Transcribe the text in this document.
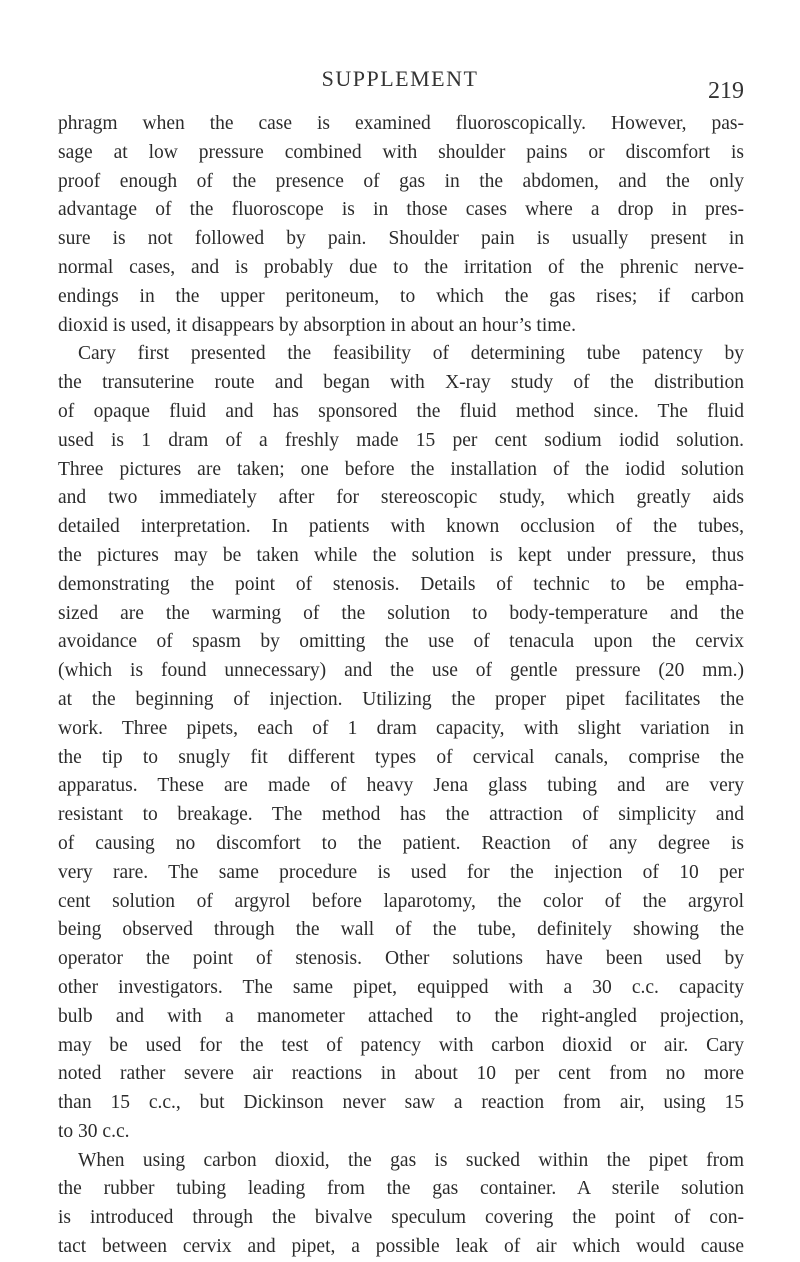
SUPPLEMENT	219
phragm when the case is examined fluoroscopically. However, pas-
sage at low pressure combined with shoulder pains or discomfort is
proof enough of the presence of gas in the abdomen, and the only
advantage of the fluoroscope is in those cases where a drop in pres-
sure is not followed by pain. Shoulder pain is usually present in
normal cases, and is probably due to the irritation of the phrenic nerve-
endings in the upper peritoneum, to which the gas rises; if carbon
dioxid is used, it disappears by absorption in about an hour’s time.
Cary first presented the feasibility of determining tube patency by
the transuterine route and began with X-ray study of the distribution
of opaque fluid and has sponsored the fluid method since. The fluid
used is 1 dram of a freshly made 15 per cent sodium iodid solution.
Three pictures are taken; one before the installation of the iodid solution
and two immediately after for stereoscopic study, which greatly aids
detailed interpretation. In patients with known occlusion of the tubes,
the pictures may be taken while the solution is kept under pressure, thus
demonstrating the point of stenosis. Details of technic to be empha-
sized are the warming of the solution to body-temperature and the
avoidance of spasm by omitting the use of tenacula upon the cervix
(which is found unnecessary) and the use of gentle pressure (20 mm.)
at the beginning of injection. Utilizing the proper pipet facilitates the
work. Three pipets, each of 1 dram capacity, with slight variation in
the tip to snugly fit different types of cervical canals, comprise the
apparatus. These are made of heavy Jena glass tubing and are very
resistant to breakage. The method has the attraction of simplicity and
of causing no discomfort to the patient. Reaction of any degree is
very rare. The same procedure is used for the injection of 10 per
cent solution of argyrol before laparotomy, the color of the argyrol
being observed through the wall of the tube, definitely showing the
operator the point of stenosis. Other solutions have been used by
other investigators. The same pipet, equipped with a 30 c.c. capacity
bulb and with a manometer attached to the right-angled projection,
may be used for the test of patency with carbon dioxid or air. Cary
noted rather severe air reactions in about 10 per cent from no more
than 15 c.c., but Dickinson never saw a reaction from air, using 15
to 30 c.c.
When using carbon dioxid, the gas is sucked within the pipet from
the rubber tubing leading from the gas container. A sterile solution
is introduced through the bivalve speculum covering the point of con-
tact between cervix and pipet, a possible leak of air which would cause
